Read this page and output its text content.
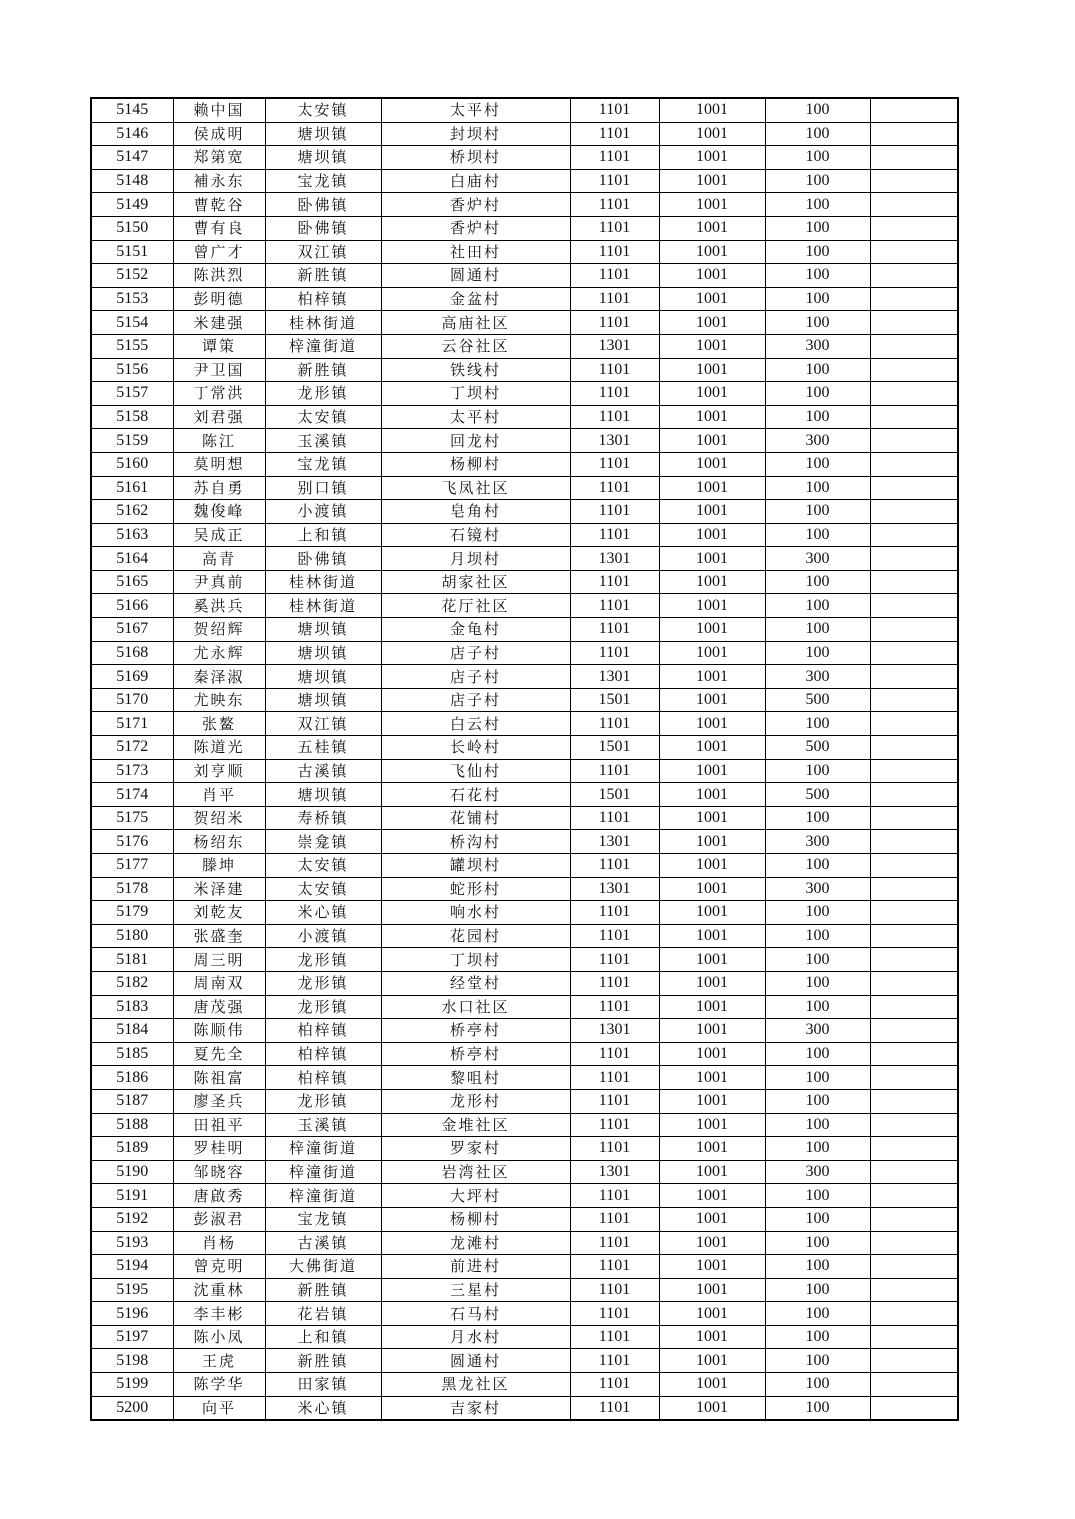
5145	赖中国	太安镇	太平村	1101	1001	100	
5146	侯成明	塘坝镇	封坝村	1101	1001	100	
5147	郑第宽	塘坝镇	桥坝村	1101	1001	100	
5148	補永东	宝龙镇	白庙村	1101	1001	100	
5149	曹乾谷	卧佛镇	香炉村	1101	1001	100	
5150	曹有良	卧佛镇	香炉村	1101	1001	100	
5151	曾广才	双江镇	社田村	1101	1001	100	
5152	陈洪烈	新胜镇	圆通村	1101	1001	100	
5153	彭明德	柏梓镇	金盆村	1101	1001	100	
5154	米建强	桂林街道	高庙社区	1101	1001	100	
5155	谭策	梓潼街道	云谷社区	1301	1001	300	
5156	尹卫国	新胜镇	铁线村	1101	1001	100	
5157	丁常洪	龙形镇	丁坝村	1101	1001	100	
5158	刘君强	太安镇	太平村	1101	1001	100	
5159	陈江	玉溪镇	回龙村	1301	1001	300	
5160	莫明想	宝龙镇	杨柳村	1101	1001	100	
5161	苏自勇	别口镇	飞凤社区	1101	1001	100	
5162	魏俊峰	小渡镇	皂角村	1101	1001	100	
5163	吴成正	上和镇	石镜村	1101	1001	100	
5164	高青	卧佛镇	月坝村	1301	1001	300	
5165	尹真前	桂林街道	胡家社区	1101	1001	100	
5166	奚洪兵	桂林街道	花厅社区	1101	1001	100	
5167	贺绍辉	塘坝镇	金龟村	1101	1001	100	
5168	尤永辉	塘坝镇	店子村	1101	1001	100	
5169	秦泽淑	塘坝镇	店子村	1301	1001	300	
5170	尤映东	塘坝镇	店子村	1501	1001	500	
5171	张鳌	双江镇	白云村	1101	1001	100	
5172	陈道光	五桂镇	长岭村	1501	1001	500	
5173	刘亨顺	古溪镇	飞仙村	1101	1001	100	
5174	肖平	塘坝镇	石花村	1501	1001	500	
5175	贺绍米	寿桥镇	花铺村	1101	1001	100	
5176	杨绍东	崇龛镇	桥沟村	1301	1001	300	
5177	滕坤	太安镇	罐坝村	1101	1001	100	
5178	米泽建	太安镇	蛇形村	1301	1001	300	
5179	刘乾友	米心镇	响水村	1101	1001	100	
5180	张盛奎	小渡镇	花园村	1101	1001	100	
5181	周三明	龙形镇	丁坝村	1101	1001	100	
5182	周南双	龙形镇	经堂村	1101	1001	100	
5183	唐茂强	龙形镇	水口社区	1101	1001	100	
5184	陈顺伟	柏梓镇	桥亭村	1301	1001	300	
5185	夏先全	柏梓镇	桥亭村	1101	1001	100	
5186	陈祖富	柏梓镇	黎咀村	1101	1001	100	
5187	廖圣兵	龙形镇	龙形村	1101	1001	100	
5188	田祖平	玉溪镇	金堆社区	1101	1001	100	
5189	罗桂明	梓潼街道	罗家村	1101	1001	100	
5190	邹晓容	梓潼街道	岩湾社区	1301	1001	300	
5191	唐啟秀	梓潼街道	大坪村	1101	1001	100	
5192	彭淑君	宝龙镇	杨柳村	1101	1001	100	
5193	肖杨	古溪镇	龙滩村	1101	1001	100	
5194	曾克明	大佛街道	前进村	1101	1001	100	
5195	沈重林	新胜镇	三星村	1101	1001	100	
5196	李丰彬	花岩镇	石马村	1101	1001	100	
5197	陈小凤	上和镇	月水村	1101	1001	100	
5198	王虎	新胜镇	圆通村	1101	1001	100	
5199	陈学华	田家镇	黑龙社区	1101	1001	100	
5200	向平	米心镇	吉家村	1101	1001	100	
